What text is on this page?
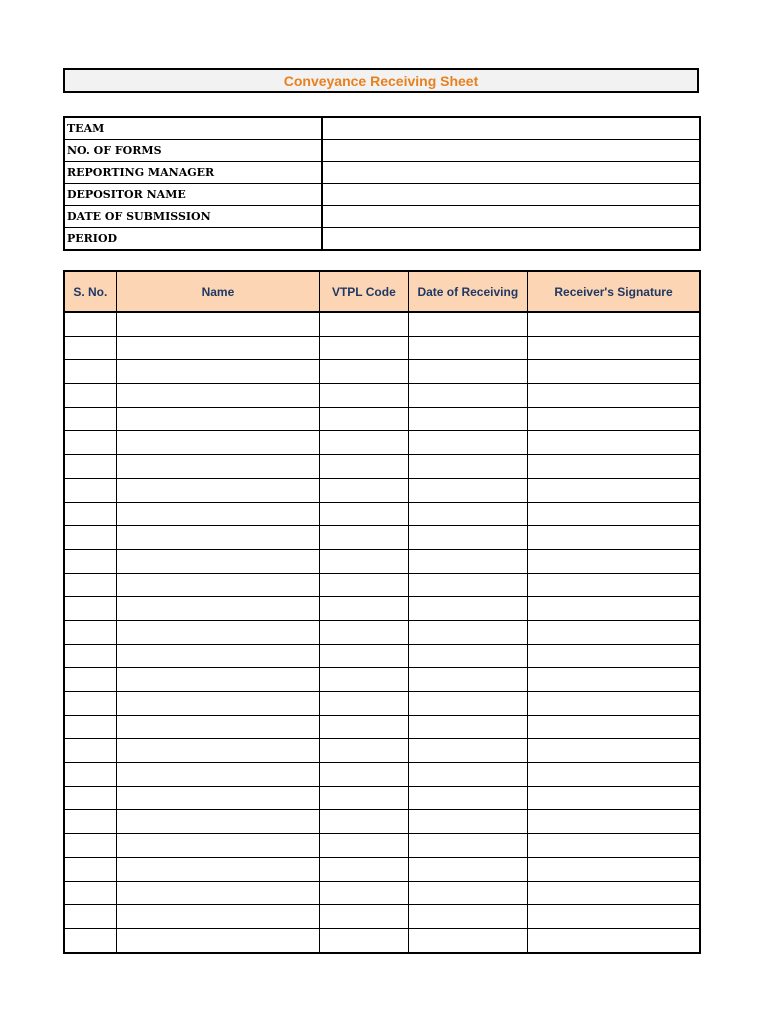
Conveyance Receiving Sheet
TEAM	
NO. OF FORMS	
REPORTING MANAGER	
DEPOSITOR NAME	
DATE OF SUBMISSION	
PERIOD	
S. No.	Name	VTPL Code	Date of Receiving	Receiver's Signature
